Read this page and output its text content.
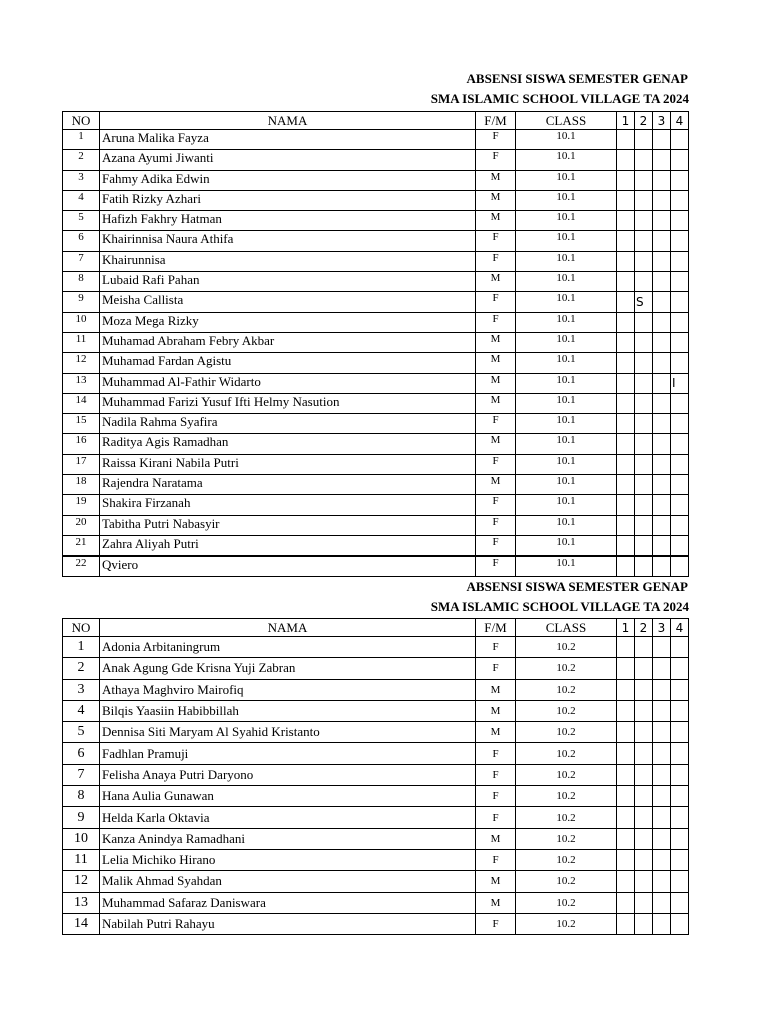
ABSENSI SISWA SEMESTER GENAP
SMA ISLAMIC SCHOOL VILLAGE TA 2024
NO	NAMA	F/M	CLASS	1	2	3	4
1	Aruna Malika Fayza	F	10.1				
2	Azana Ayumi Jiwanti	F	10.1				
3	Fahmy Adika Edwin	M	10.1				
4	Fatih Rizky Azhari	M	10.1				
5	Hafizh Fakhry Hatman	M	10.1				
6	Khairinnisa Naura Athifa	F	10.1				
7	Khairunnisa	F	10.1				
8	Lubaid Rafi Pahan	M	10.1				
9	Meisha Callista	F	10.1		S		
10	Moza Mega Rizky	F	10.1				
11	Muhamad Abraham Febry Akbar	M	10.1				
12	Muhamad Fardan Agistu	M	10.1				
13	Muhammad Al-Fathir Widarto	M	10.1				I
14	Muhammad Farizi Yusuf Ifti Helmy Nasution	M	10.1				
15	Nadila Rahma Syafira	F	10.1				
16	Raditya Agis Ramadhan	M	10.1				
17	Raissa Kirani Nabila Putri	F	10.1				
18	Rajendra Naratama	M	10.1				
19	Shakira Firzanah	F	10.1				
20	Tabitha Putri Nabasyir	F	10.1				
21	Zahra Aliyah Putri	F	10.1				
22	Qviero	F	10.1				
ABSENSI SISWA SEMESTER GENAP
SMA ISLAMIC SCHOOL VILLAGE TA 2024
NO	NAMA	F/M	CLASS	1	2	3	4
1	Adonia Arbitaningrum	F	10.2				
2	Anak Agung Gde Krisna Yuji Zabran	F	10.2				
3	Athaya Maghviro Mairofiq	M	10.2				
4	Bilqis Yaasiin Habibbillah	M	10.2				
5	Dennisa Siti Maryam Al Syahid Kristanto	M	10.2				
6	Fadhlan Pramuji	F	10.2				
7	Felisha Anaya Putri Daryono	F	10.2				
8	Hana Aulia Gunawan	F	10.2				
9	Helda Karla Oktavia	F	10.2				
10	Kanza Anindya Ramadhani	M	10.2				
11	Lelia Michiko Hirano	F	10.2				
12	Malik Ahmad Syahdan	M	10.2				
13	Muhammad Safaraz Daniswara	M	10.2				
14	Nabilah Putri Rahayu	F	10.2				
